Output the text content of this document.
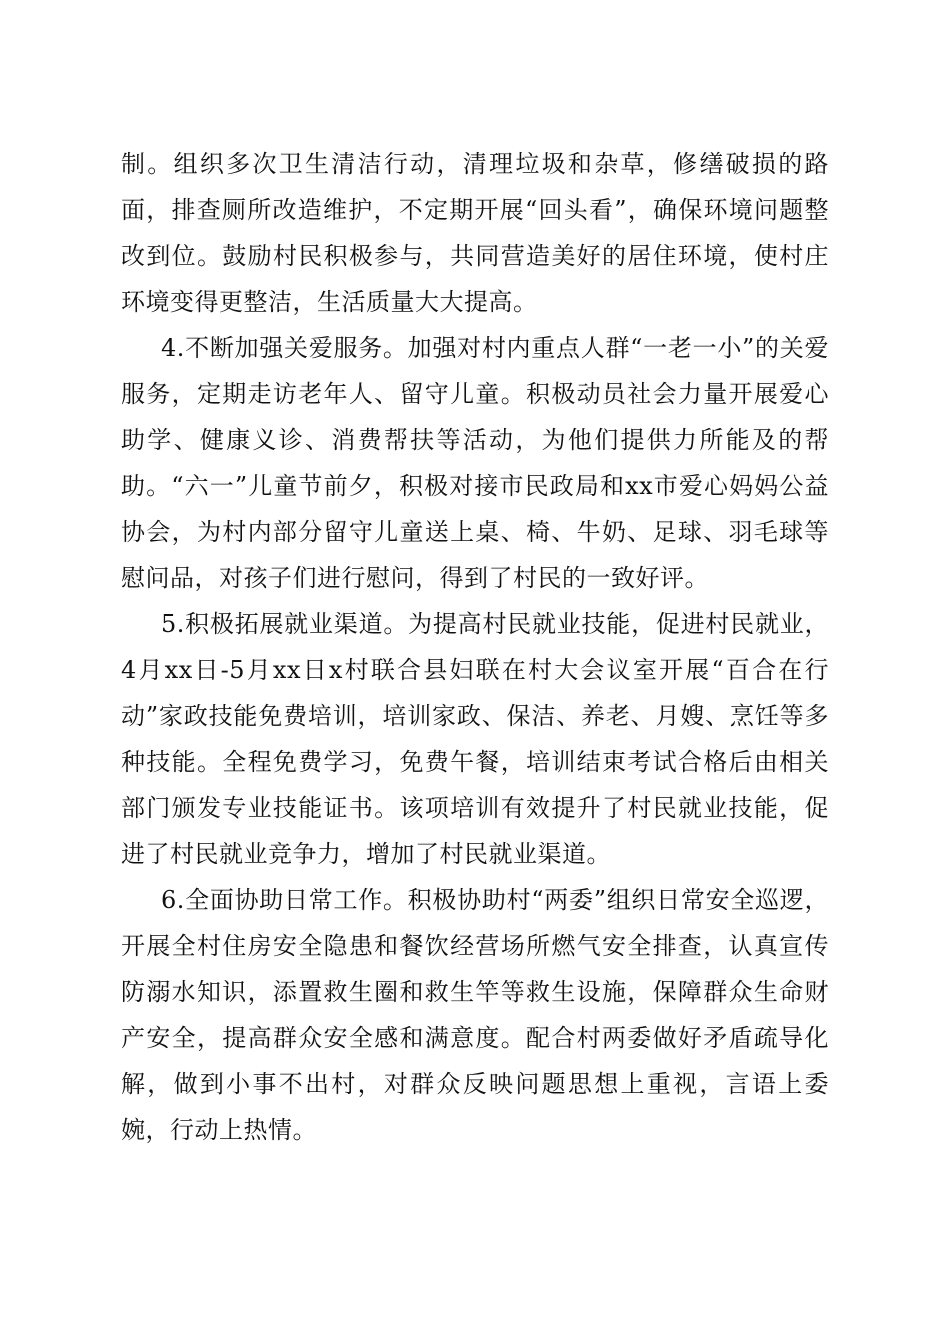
制。组织多次卫生清洁行动，清理垃圾和杂草，修缮破损的路面，排查厕所改造维护，不定期开展“回头看”，确保环境问题整改到位。鼓励村民积极参与，共同营造美好的居住环境，使村庄环境变得更整洁，生活质量大大提高。

4.不断加强关爱服务。加强对村内重点人群“一老一小”的关爱服务，定期走访老年人、留守儿童。积极动员社会力量开展爱心助学、健康义诊、消费帮扶等活动，为他们提供力所能及的帮助。“六一”儿童节前夕，积极对接市民政局和xx市爱心妈妈公益协会，为村内部分留守儿童送上桌、椅、牛奶、足球、羽毛球等慰问品，对孩子们进行慰问，得到了村民的一致好评。

5.积极拓展就业渠道。为提高村民就业技能，促进村民就业，4月xx日-5月xx日x村联合县妇联在村大会议室开展“百合在行动”家政技能免费培训，培训家政、保洁、养老、月嫂、烹饪等多种技能。全程免费学习，免费午餐，培训结束考试合格后由相关部门颁发专业技能证书。该项培训有效提升了村民就业技能，促进了村民就业竞争力，增加了村民就业渠道。

6.全面协助日常工作。积极协助村“两委”组织日常安全巡逻，开展全村住房安全隐患和餐饮经营场所燃气安全排查，认真宣传防溺水知识，添置救生圈和救生竿等救生设施，保障群众生命财产安全，提高群众安全感和满意度。配合村两委做好矛盾疏导化解，做到小事不出村，对群众反映问题思想上重视，言语上委婉，行动上热情。
